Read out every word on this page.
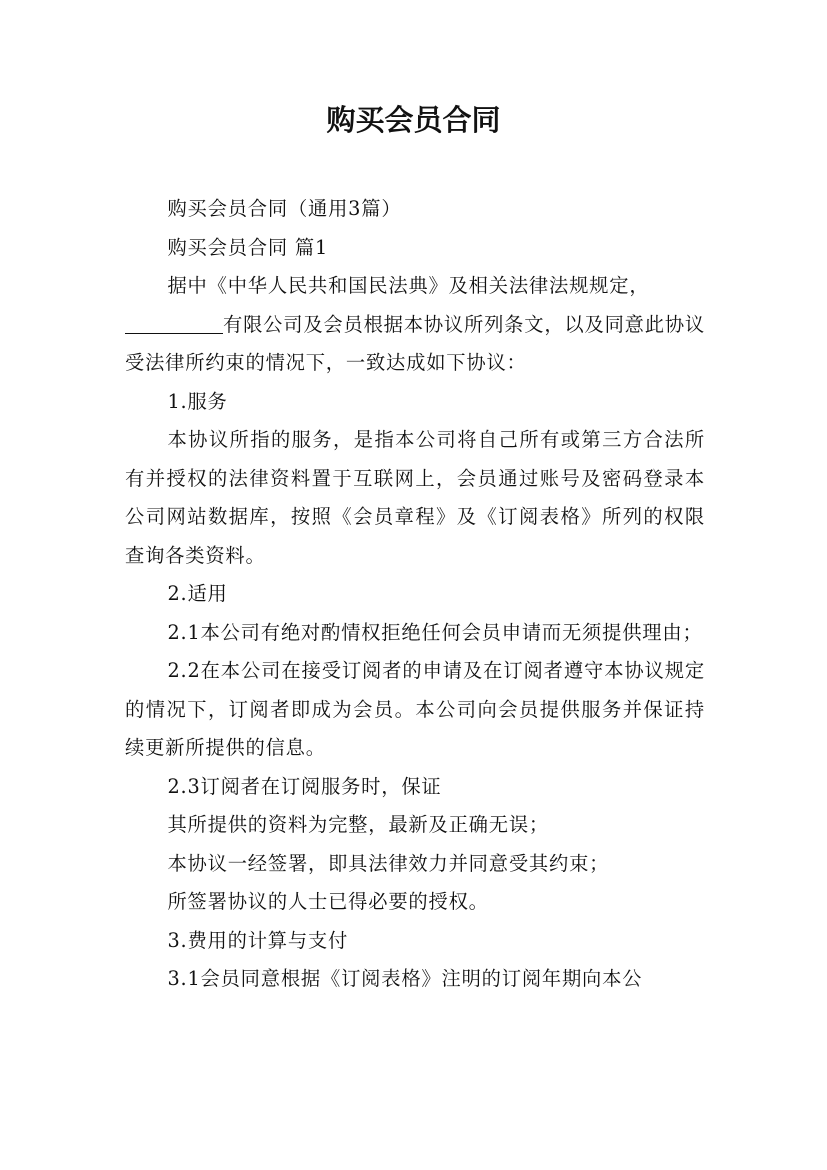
购买会员合同

购买会员合同（通用3篇）

购买会员合同 篇1

据中《中华人民共和国民法典》及相关法律法规规定，

有限公司及会员根据本协议所列条文，以及同意此协议受法律所约束的情况下，一致达成如下协议：

1.服务

本协议所指的服务，是指本公司将自己所有或第三方合法所有并授权的法律资料置于互联网上，会员通过账号及密码登录本公司网站数据库，按照《会员章程》及《订阅表格》所列的权限查询各类资料。

2.适用

2.1本公司有绝对酌情权拒绝任何会员申请而无须提供理由；

2.2在本公司在接受订阅者的申请及在订阅者遵守本协议规定的情况下，订阅者即成为会员。本公司向会员提供服务并保证持续更新所提供的信息。

2.3订阅者在订阅服务时，保证

其所提供的资料为完整，最新及正确无误；

本协议一经签署，即具法律效力并同意受其约束；

所签署协议的人士已得必要的授权。

3.费用的计算与支付

3.1会员同意根据《订阅表格》注明的订阅年期向本公
